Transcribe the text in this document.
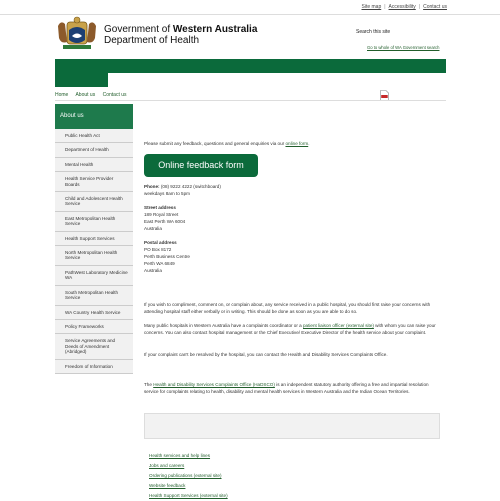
Site map | Accessibility | Contact us
Government of Western Australia
Department of Health
Search this site
Go to whole of WA Government search
Home About us Contact us
About us
Public Health Act
Department of Health
Mental Health
Health Service Provider Boards
Child and Adolescent Health Service
East Metropolitan Health Service
Health Support Services
North Metropolitan Health Service
PathWest Laboratory Medicine WA
South Metropolitan Health Service
WA Country Health Service
Policy Frameworks
Service Agreements and Deeds of Amendment (Abridged)
Freedom of Information
Please submit any feedback, questions and general enquiries via our online form.
Online feedback form
Phone: (08) 9222 4222 (switchboard)
weekdays 8am to 5pm
Street address
189 Royal Street
East Perth WA 6004
Australia
Postal address
PO Box 8172
Perth Business Centre
Perth WA 6849
Australia
If you wish to compliment, comment on, or complain about, any service received in a public hospital, you should first raise your concerns with attending hospital staff either verbally or in writing. This should be done as soon as you are able to do so.
Many public hospitals in Western Australia have a complaints coordinator or a patient liaison officer (external site) with whom you can raise your concerns. You can also contact hospital management or the Chief Executive/ Executive Director of the health service about your complaint.
If your complaint can't be resolved by the hospital, you can contact the Health and Disability Services Complaints Office.
The Health and Disability Services Complaints Office (HaDSCO) is an independent statutory authority offering a free and impartial resolution service for complaints relating to health, disability and mental health services in Western Australia and the Indian Ocean Territories.
Health services and help lines
Jobs and careers
Ordering publications (external site)
Website feedback
Health Support Services (external site)
